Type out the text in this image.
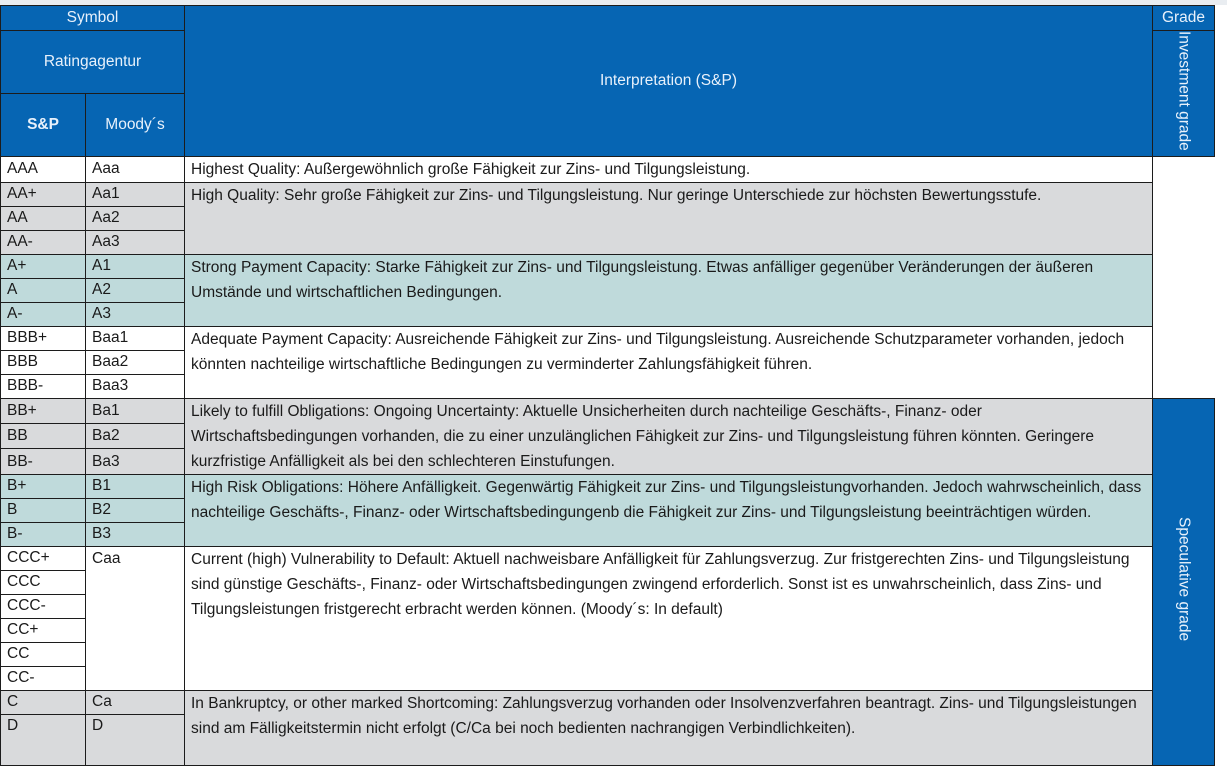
Symbol		Interpretation (S&P)	Grade
Ratingagentur			Investment grade
S&P	Moody´s		
AAA	Aaa	Highest Quality: Außergewöhnlich große Fähigkeit zur Zins- und Tilgungsleistung.	
AA+	Aa1	High Quality: Sehr große Fähigkeit zur Zins- und Tilgungsleistung. Nur geringe Unterschiede zur höchsten Bewertungsstufe.	
AA	Aa2		
AA-	Aa3		
A+	A1	Strong Payment Capacity: Starke Fähigkeit zur Zins- und Tilgungsleistung. Etwas anfälliger gegenüber Veränderungen der äußeren Umstände und wirtschaftlichen Bedingungen.	
A	A2		
A-	A3		
BBB+	Baa1	Adequate Payment Capacity: Ausreichende Fähigkeit zur Zins- und Tilgungsleistung. Ausreichende Schutzparameter vorhanden, jedoch könnten nachteilige wirtschaftliche Bedingungen zu verminderter Zahlungsfähigkeit führen.	
BBB	Baa2		
BBB-	Baa3		
BB+	Ba1	Likely to fulfill Obligations: Ongoing Uncertainty: Aktuelle Unsicherheiten durch nachteilige Geschäfts-, Finanz- oder Wirtschaftsbedingungen vorhanden, die zu einer unzulänglichen Fähigkeit zur Zins- und Tilgungsleistung führen könnten. Geringere kurzfristige Anfälligkeit als bei den schlechteren Einstufungen.	Speculative grade
BB	Ba2		
BB-	Ba3		
B+	B1	High Risk Obligations: Höhere Anfälligkeit. Gegenwärtig Fähigkeit zur Zins- und Tilgungsleistungvorhanden. Jedoch wahrwscheinlich, dass nachteilige Geschäfts-, Finanz- oder Wirtschaftsbedingungenb die Fähigkeit zur Zins- und Tilgungsleistung beeinträchtigen würden.	
B	B2		
B-	B3		
CCC+	Caa	Current (high) Vulnerability to Default: Aktuell nachweisbare Anfälligkeit für Zahlungsverzug. Zur fristgerechten Zins- und Tilgungsleistung sind günstige Geschäfts-, Finanz- oder Wirtschaftsbedingungen zwingend erforderlich. Sonst ist es unwahrscheinlich, dass Zins- und Tilgungsleistungen fristgerecht erbracht werden können. (Moody´s: In default)	
CCC			
CCC-			
CC+			
CC			
CC-			
C	Ca	In Bankruptcy, or other marked Shortcoming: Zahlungsverzug vorhanden oder Insolvenzverfahren beantragt. Zins- und Tilgungsleistungen sind am Fälligkeitstermin nicht erfolgt (C/Ca bei noch bedienten nachrangigen Verbindlichkeiten).	
D	D		
